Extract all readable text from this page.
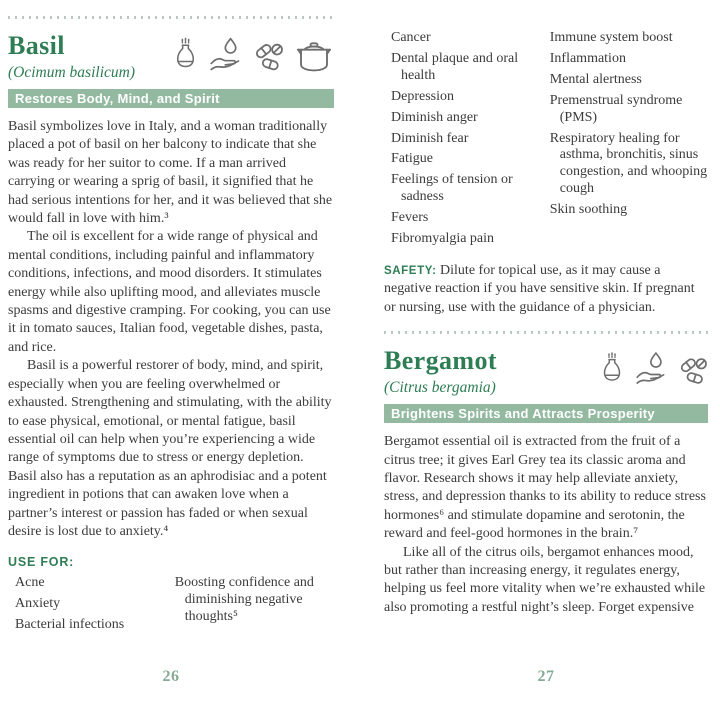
Basil
(Ocimum basilicum)
Restores Body, Mind, and Spirit

Basil symbolizes love in Italy, and a woman traditionally placed a pot of basil on her balcony to indicate that she was ready for her suitor to come. If a man arrived carrying or wearing a sprig of basil, it signified that he had serious intentions for her, and it was believed that she would fall in love with him.³

The oil is excellent for a wide range of physical and mental conditions, including painful and inflammatory conditions, infections, and mood disorders. It stimulates energy while also uplifting mood, and alleviates muscle spasms and digestive cramping. For cooking, you can use it in tomato sauces, Italian food, vegetable dishes, pasta, and rice.

Basil is a powerful restorer of body, mind, and spirit, especially when you are feeling overwhelmed or exhausted. Strengthening and stimulating, with the ability to ease physical, emotional, or mental fatigue, basil essential oil can help when you’re experiencing a wide range of symptoms due to stress or energy depletion. Basil also has a reputation as an aphrodisiac and a potent ingredient in potions that can awaken love when a partner’s interest or passion has faded or when sexual desire is lost due to anxiety.⁴

USE FOR:
Acne
Anxiety
Bacterial infections
Boosting confidence and diminishing negative thoughts⁵
Cancer
Dental plaque and oral health
Depression
Diminish anger
Diminish fear
Fatigue
Feelings of tension or sadness
Fevers
Fibromyalgia pain
Immune system boost
Inflammation
Mental alertness
Premenstrual syndrome (PMS)
Respiratory healing for asthma, bronchitis, sinus congestion, and whooping cough
Skin soothing

SAFETY: Dilute for topical use, as it may cause a negative reaction if you have sensitive skin. If pregnant or nursing, use with the guidance of a physician.

Bergamot
(Citrus bergamia)
Brightens Spirits and Attracts Prosperity

Bergamot essential oil is extracted from the fruit of a citrus tree; it gives Earl Grey tea its classic aroma and flavor. Research shows it may help alleviate anxiety, stress, and depression thanks to its ability to reduce stress hormones⁶ and stimulate dopamine and serotonin, the reward and feel-good hormones in the brain.⁷

Like all of the citrus oils, bergamot enhances mood, but rather than increasing energy, it regulates energy, helping us feel more vitality when we’re exhausted while also promoting a restful night’s sleep. Forget expensive

26	27
